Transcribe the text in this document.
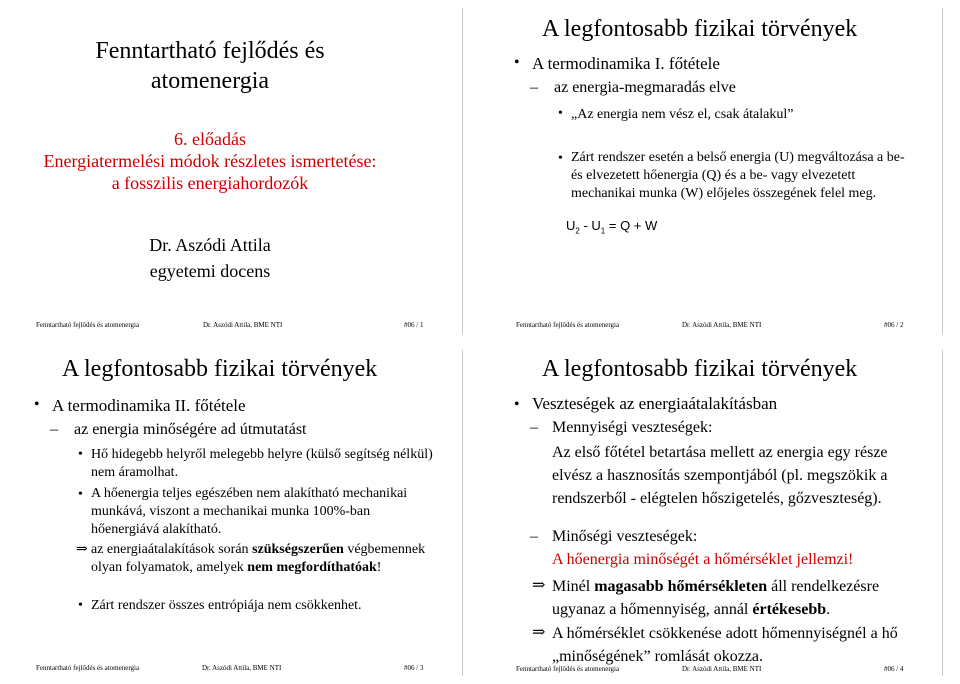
Fenntartható fejlődés és
atomenergia
6. előadás
Energiatermelési módok részletes ismertetése:
a fosszilis energiahordozók
Dr. Aszódi Attila
egyetemi docens
Fenntartható fejlődés és atomenergia	Dr. Aszódi Attila, BME NTI	#06 / 1
A legfontosabb fizikai törvények
• A termodinamika I. főtétele
– az energia-megmaradás elve
• „Az energia nem vész el, csak átalakul”
• Zárt rendszer esetén a belső energia (U) megváltozása a be-
és elvezetett hőenergia (Q) és a be- vagy elvezetett
mechanikai munka (W) előjeles összegének felel meg.
$U_2 - U_1 = Q + W$
Fenntartható fejlődés és atomenergia	Dr. Aszódi Attila, BME NTI	#06 / 2
A legfontosabb fizikai törvények
• A termodinamika II. főtétele
– az energia minőségére ad útmutatást
• Hő hidegebb helyről melegebb helyre (külső segítség nélkül)
nem áramolhat.
• A hőenergia teljes egészében nem alakítható mechanikai
munkává, viszont a mechanikai munka 100%-ban
hőenergiává alakítható.
⇒ az energiaátalakítások során szükségszerűen végbemennek
olyan folyamatok, amelyek nem megfordíthatóak!
• Zárt rendszer összes entrópiája nem csökkenhet.
Fenntartható fejlődés és atomenergia	Dr. Aszódi Attila, BME NTI	#06 / 3
A legfontosabb fizikai törvények
• Veszteségek az energiaátalakításban
– Mennyiségi veszteségek:
Az első főtétel betartása mellett az energia egy része
elvész a hasznosítás szempontjából (pl. megszökik a
rendszerből - elégtelen hőszigetelés, gőzveszteség).
– Minőségi veszteségek:
A hőenergia minőségét a hőmérséklet jellemzi!
⇒ Minél magasabb hőmérsékleten áll rendelkezésre
ugyanaz a hőmennyiség, annál értékesebb.
⇒ A hőmérséklet csökkenése adott hőmennyiségnél a hő
„minőségének” romlását okozza.
Fenntartható fejlődés és atomenergia	Dr. Aszódi Attila, BME NTI	#06 / 4
